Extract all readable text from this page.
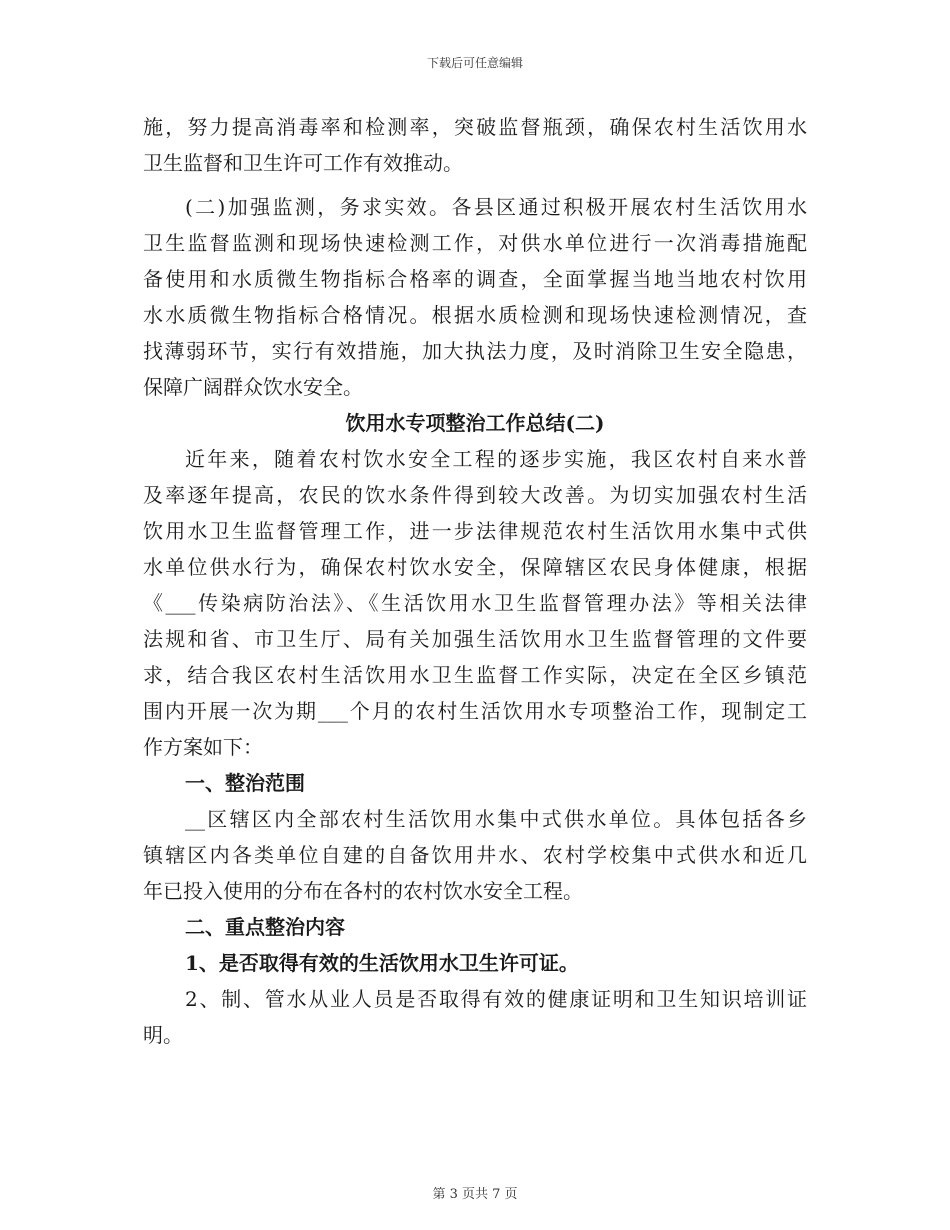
下载后可任意编辑
施，努力提高消毒率和检测率，突破监督瓶颈，确保农村生活饮用水
卫生监督和卫生许可工作有效推动。
(二)加强监测，务求实效。各县区通过积极开展农村生活饮用水
卫生监督监测和现场快速检测工作，对供水单位进行一次消毒措施配
备使用和水质微生物指标合格率的调查，全面掌握当地当地农村饮用
水水质微生物指标合格情况。根据水质检测和现场快速检测情况，查
找薄弱环节，实行有效措施，加大执法力度，及时消除卫生安全隐患，
保障广阔群众饮水安全。
饮用水专项整治工作总结(二)
近年来，随着农村饮水安全工程的逐步实施，我区农村自来水普
及率逐年提高，农民的饮水条件得到较大改善。为切实加强农村生活
饮用水卫生监督管理工作，进一步法律规范农村生活饮用水集中式供
水单位供水行为，确保农村饮水安全，保障辖区农民身体健康，根据
《___传染病防治法》、《生活饮用水卫生监督管理办法》等相关法律
法规和省、市卫生厅、局有关加强生活饮用水卫生监督管理的文件要
求，结合我区农村生活饮用水卫生监督工作实际，决定在全区乡镇范
围内开展一次为期___个月的农村生活饮用水专项整治工作，现制定工
作方案如下：
一、整治范围
__区辖区内全部农村生活饮用水集中式供水单位。具体包括各乡
镇辖区内各类单位自建的自备饮用井水、农村学校集中式供水和近几
年已投入使用的分布在各村的农村饮水安全工程。
二、重点整治内容
1、是否取得有效的生活饮用水卫生许可证。
2、制、管水从业人员是否取得有效的健康证明和卫生知识培训证
明。
第 3 页共 7 页
